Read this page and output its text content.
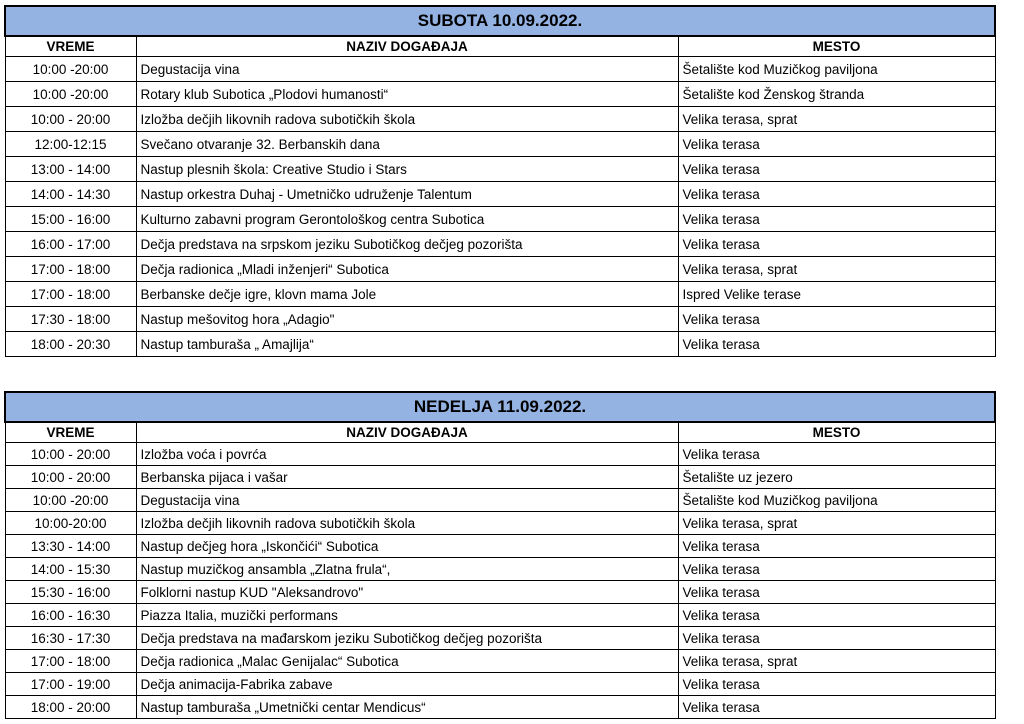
SUBOTA 10.09.2022.		
VREME	NAZIV DOGAĐAJA	MESTO
10:00 -20:00	Degustacija vina	Šetalište kod Muzičkog paviljona
10:00 -20:00	Rotary klub Subotica „Plodovi humanosti“	Šetalište kod Ženskog štranda
10:00 - 20:00	Izložba dečjih likovnih radova subotičkih škola	Velika terasa, sprat
12:00-12:15	Svečano otvaranje 32. Berbanskih dana	Velika terasa
13:00 - 14:00	Nastup plesnih škola: Creative Studio i Stars	Velika terasa
14:00 - 14:30	Nastup orkestra Duhaj - Umetničko udruženje Talentum	Velika terasa
15:00 - 16:00	Kulturno zabavni program Gerontološkog centra Subotica	Velika terasa
16:00 - 17:00	Dečja predstava na srpskom jeziku Subotičkog dečjeg pozorišta	Velika terasa
17:00 - 18:00	Dečja radionica „Mladi inženjeri“ Subotica	Velika terasa, sprat
17:00 - 18:00	Berbanske dečje igre, klovn mama Jole	Ispred Velike terase
17:30 - 18:00	Nastup mešovitog hora „Adagio"	Velika terasa
18:00 - 20:30	Nastup tamburaša „ Amajlija“	Velika terasa
NEDELJA 11.09.2022.		
VREME	NAZIV DOGAĐAJA	MESTO
10:00 - 20:00	Izložba voća i povrća	Velika terasa
10:00 - 20:00	Berbanska pijaca i vašar	Šetalište uz jezero
10:00 -20:00	Degustacija vina	Šetalište kod Muzičkog paviljona
10:00-20:00	Izložba dečjih likovnih radova subotičkih škola	Velika terasa, sprat
13:30 - 14:00	Nastup dečjeg hora „Iskončići“ Subotica	Velika terasa
14:00 - 15:30	Nastup muzičkog ansambla „Zlatna frula“,	Velika terasa
15:30 - 16:00	Folklorni nastup KUD "Aleksandrovo"	Velika terasa
16:00 - 16:30	Piazza Italia, muzički performans	Velika terasa
16:30 - 17:30	Dečja predstava na mađarskom jeziku Subotičkog dečjeg pozorišta	Velika terasa
17:00 - 18:00	Dečja radionica „Malac Genijalac“ Subotica	Velika terasa, sprat
17:00 - 19:00	Dečja animacija-Fabrika zabave	Velika terasa
18:00 - 20:00	Nastup tamburaša „Umetnički centar Mendicus“	Velika terasa
